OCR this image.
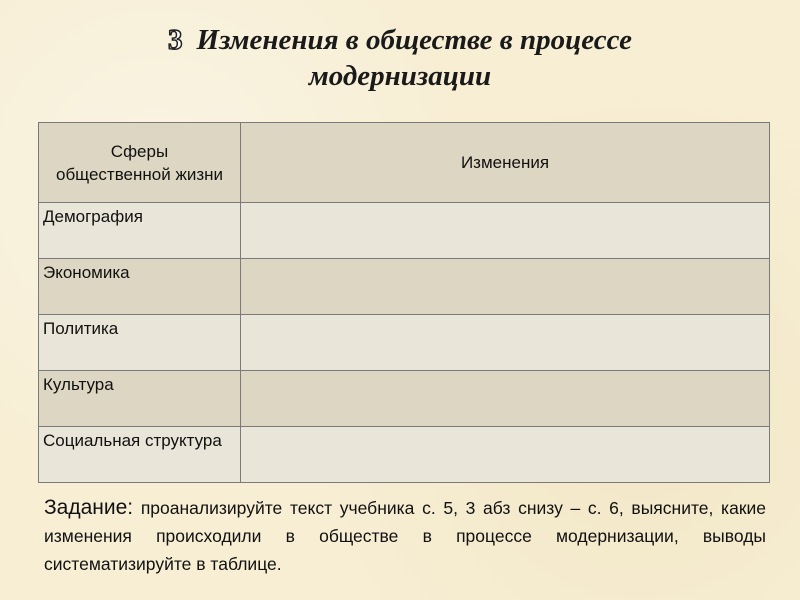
3 Изменения в обществе в процессе
модернизации
Сферы общественной жизни	Изменения
Демография	
Экономика	
Политика	
Культура	
Социальная структура	
Задание: проанализируйте текст учебника с. 5, 3 абз снизу – с. 6, выясните, какие изменения происходили в обществе в процессе модернизации, выводы систематизируйте в таблице.
